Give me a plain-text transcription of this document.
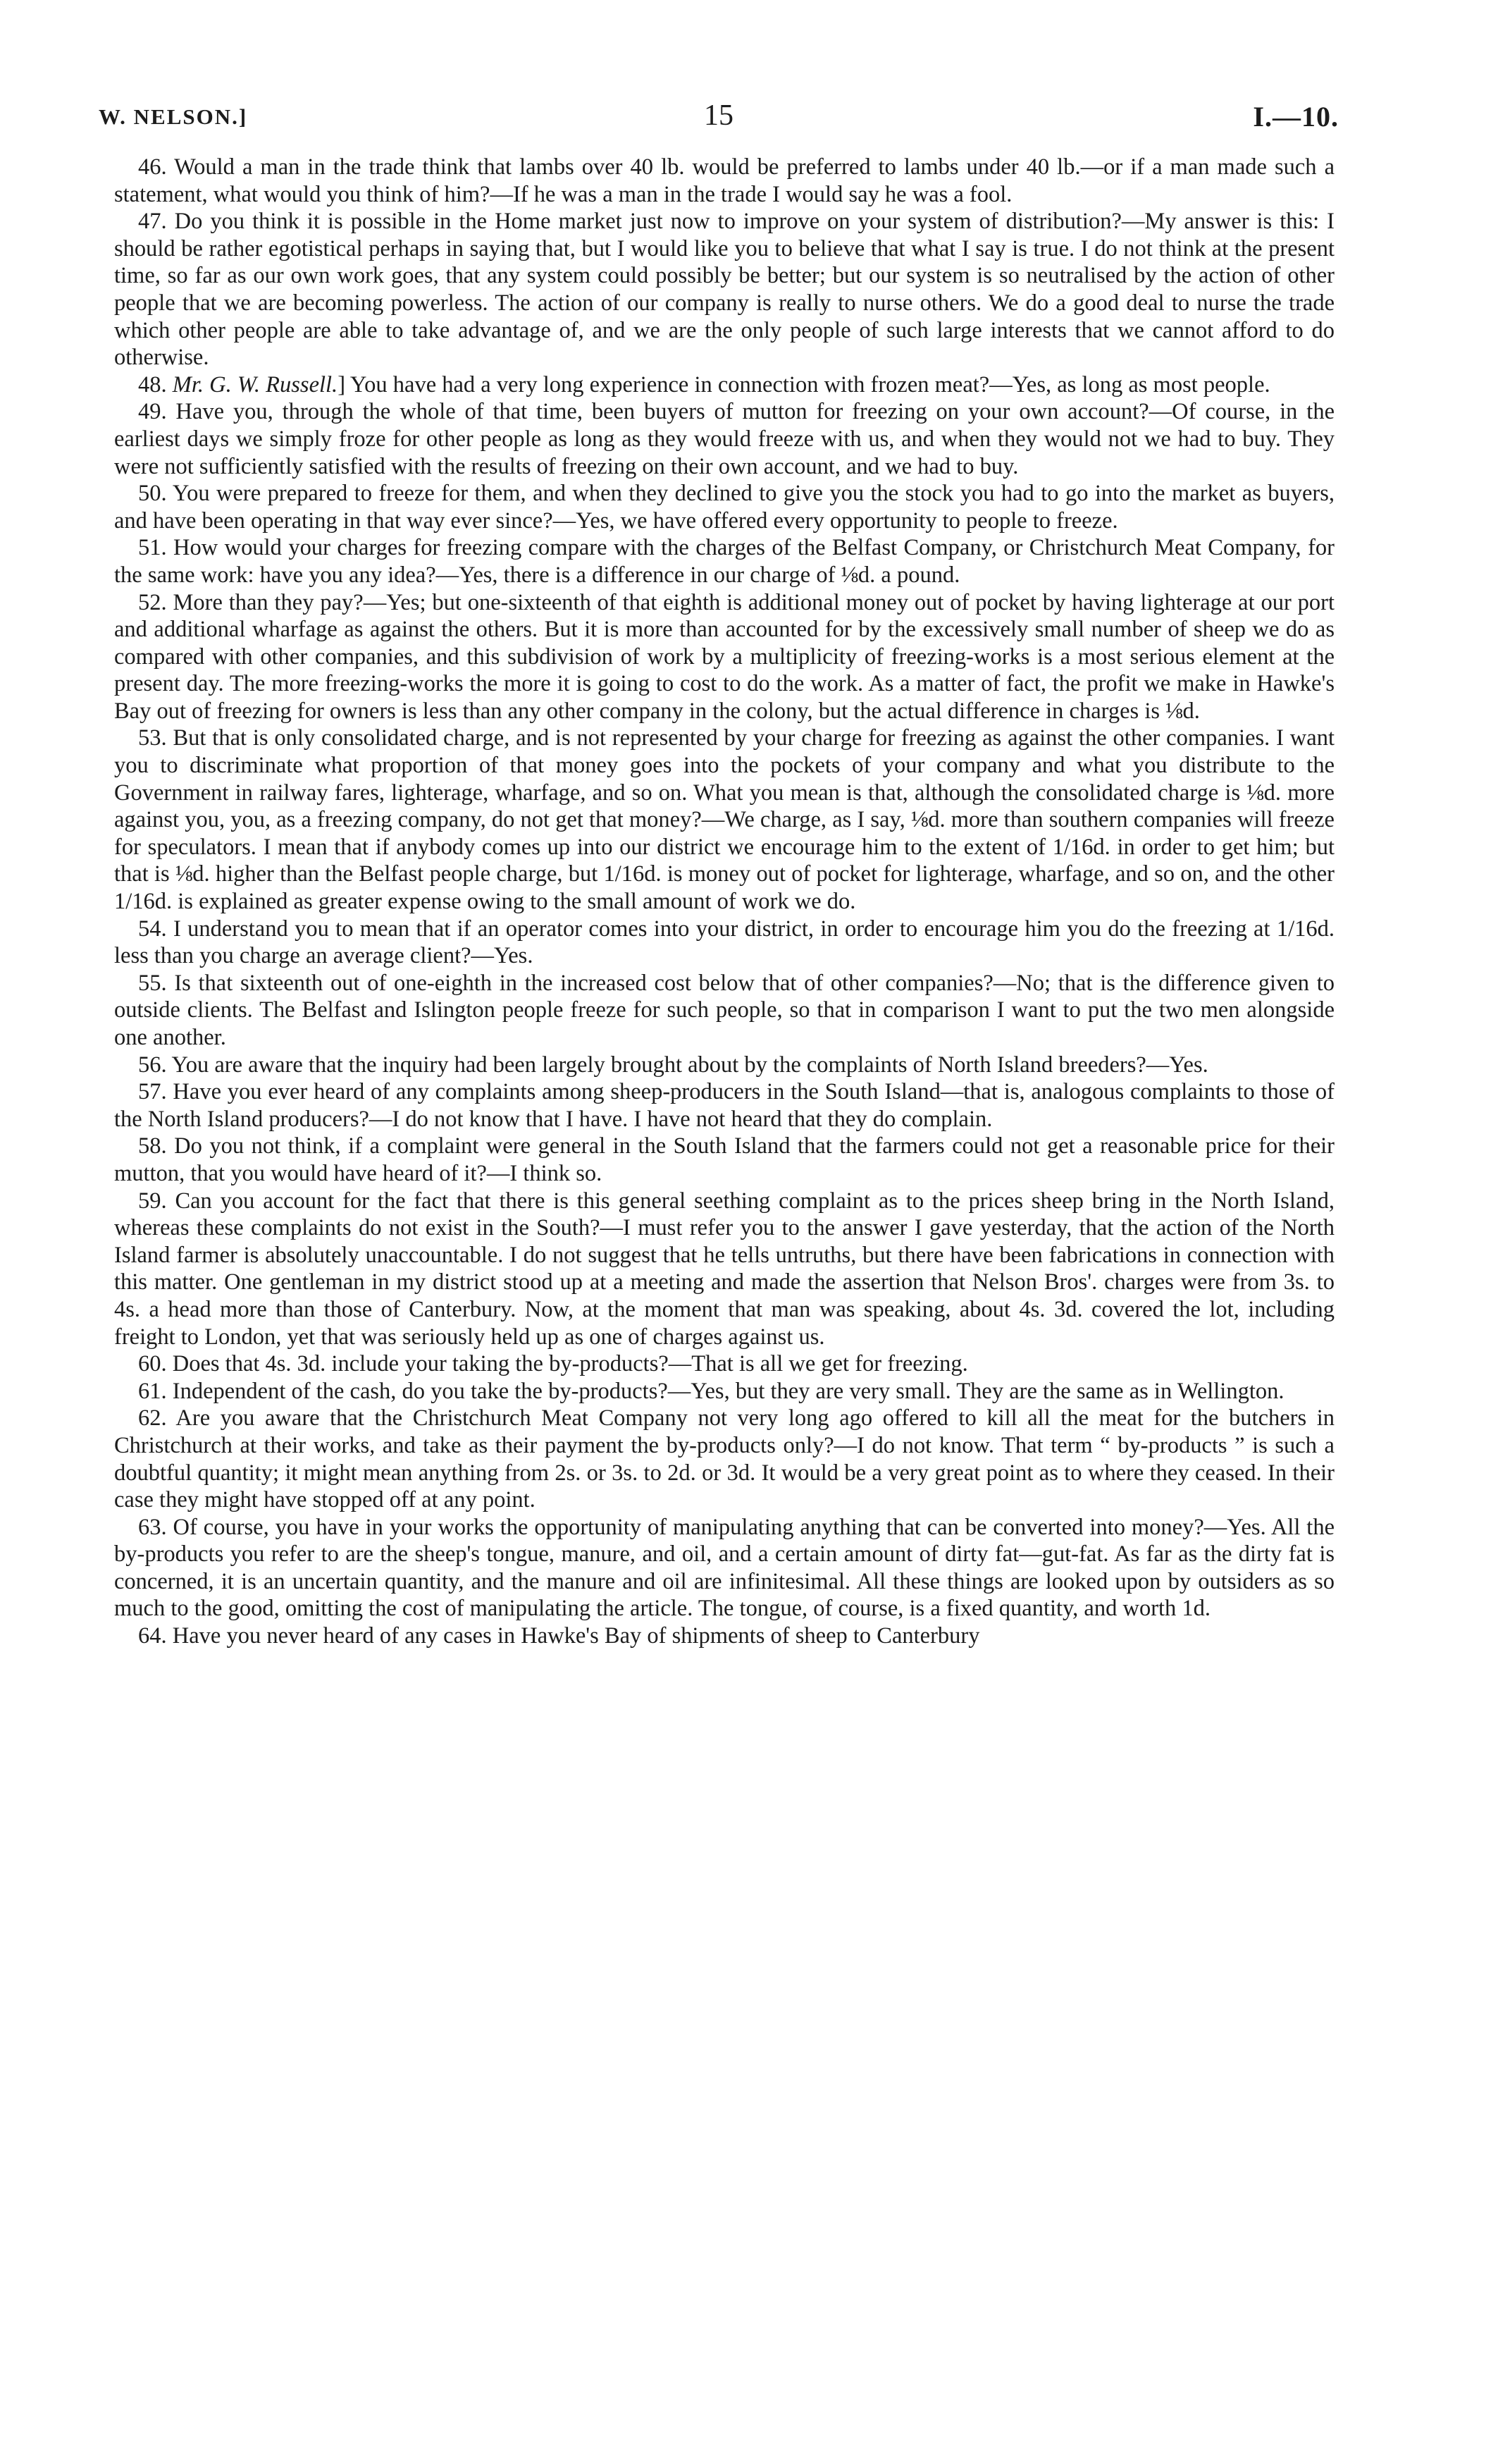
W. NELSON.]	15	I.—10.

46. Would a man in the trade think that lambs over 40 lb. would be preferred to lambs under 40 lb.—or if a man made such a statement, what would you think of him?—If he was a man in the trade I would say he was a fool.

47. Do you think it is possible in the Home market just now to improve on your system of distribution?—My answer is this: I should be rather egotistical perhaps in saying that, but I would like you to believe that what I say is true. I do not think at the present time, so far as our own work goes, that any system could possibly be better; but our system is so neutralised by the action of other people that we are becoming powerless. The action of our company is really to nurse others. We do a good deal to nurse the trade which other people are able to take advantage of, and we are the only people of such large interests that we cannot afford to do otherwise.

48. Mr. G. W. Russell.] You have had a very long experience in connection with frozen meat?—Yes, as long as most people.

49. Have you, through the whole of that time, been buyers of mutton for freezing on your own account?—Of course, in the earliest days we simply froze for other people as long as they would freeze with us, and when they would not we had to buy. They were not sufficiently satisfied with the results of freezing on their own account, and we had to buy.

50. You were prepared to freeze for them, and when they declined to give you the stock you had to go into the market as buyers, and have been operating in that way ever since?—Yes, we have offered every opportunity to people to freeze.

51. How would your charges for freezing compare with the charges of the Belfast Company, or Christchurch Meat Company, for the same work: have you any idea?—Yes, there is a difference in our charge of ⅛d. a pound.

52. More than they pay?—Yes; but one-sixteenth of that eighth is additional money out of pocket by having lighterage at our port and additional wharfage as against the others. But it is more than accounted for by the excessively small number of sheep we do as compared with other companies, and this subdivision of work by a multiplicity of freezing-works is a most serious element at the present day. The more freezing-works the more it is going to cost to do the work. As a matter of fact, the profit we make in Hawke's Bay out of freezing for owners is less than any other company in the colony, but the actual difference in charges is ⅛d.

53. But that is only consolidated charge, and is not represented by your charge for freezing as against the other companies. I want you to discriminate what proportion of that money goes into the pockets of your company and what you distribute to the Government in railway fares, lighterage, wharfage, and so on. What you mean is that, although the consolidated charge is ⅛d. more against you, you, as a freezing company, do not get that money?—We charge, as I say, ⅛d. more than southern companies will freeze for speculators. I mean that if anybody comes up into our district we encourage him to the extent of 1/16d. in order to get him; but that is ⅛d. higher than the Belfast people charge, but 1/16d. is money out of pocket for lighterage, wharfage, and so on, and the other 1/16d. is explained as greater expense owing to the small amount of work we do.

54. I understand you to mean that if an operator comes into your district, in order to encourage him you do the freezing at 1/16d. less than you charge an average client?—Yes.

55. Is that sixteenth out of one-eighth in the increased cost below that of other companies?—No; that is the difference given to outside clients. The Belfast and Islington people freeze for such people, so that in comparison I want to put the two men alongside one another.

56. You are aware that the inquiry had been largely brought about by the complaints of North Island breeders?—Yes.

57. Have you ever heard of any complaints among sheep-producers in the South Island—that is, analogous complaints to those of the North Island producers?—I do not know that I have. I have not heard that they do complain.

58. Do you not think, if a complaint were general in the South Island that the farmers could not get a reasonable price for their mutton, that you would have heard of it?—I think so.

59. Can you account for the fact that there is this general seething complaint as to the prices sheep bring in the North Island, whereas these complaints do not exist in the South?—I must refer you to the answer I gave yesterday, that the action of the North Island farmer is absolutely unaccountable. I do not suggest that he tells untruths, but there have been fabrications in connection with this matter. One gentleman in my district stood up at a meeting and made the assertion that Nelson Bros'. charges were from 3s. to 4s. a head more than those of Canterbury. Now, at the moment that man was speaking, about 4s. 3d. covered the lot, including freight to London, yet that was seriously held up as one of charges against us.

60. Does that 4s. 3d. include your taking the by-products?—That is all we get for freezing.

61. Independent of the cash, do you take the by-products?—Yes, but they are very small. They are the same as in Wellington.

62. Are you aware that the Christchurch Meat Company not very long ago offered to kill all the meat for the butchers in Christchurch at their works, and take as their payment the by-products only?—I do not know. That term “ by-products ” is such a doubtful quantity; it might mean anything from 2s. or 3s. to 2d. or 3d. It would be a very great point as to where they ceased. In their case they might have stopped off at any point.

63. Of course, you have in your works the opportunity of manipulating anything that can be converted into money?—Yes. All the by-products you refer to are the sheep's tongue, manure, and oil, and a certain amount of dirty fat—gut-fat. As far as the dirty fat is concerned, it is an uncertain quantity, and the manure and oil are infinitesimal. All these things are looked upon by outsiders as so much to the good, omitting the cost of manipulating the article. The tongue, of course, is a fixed quantity, and worth 1d.

64. Have you never heard of any cases in Hawke's Bay of shipments of sheep to Canterbury
